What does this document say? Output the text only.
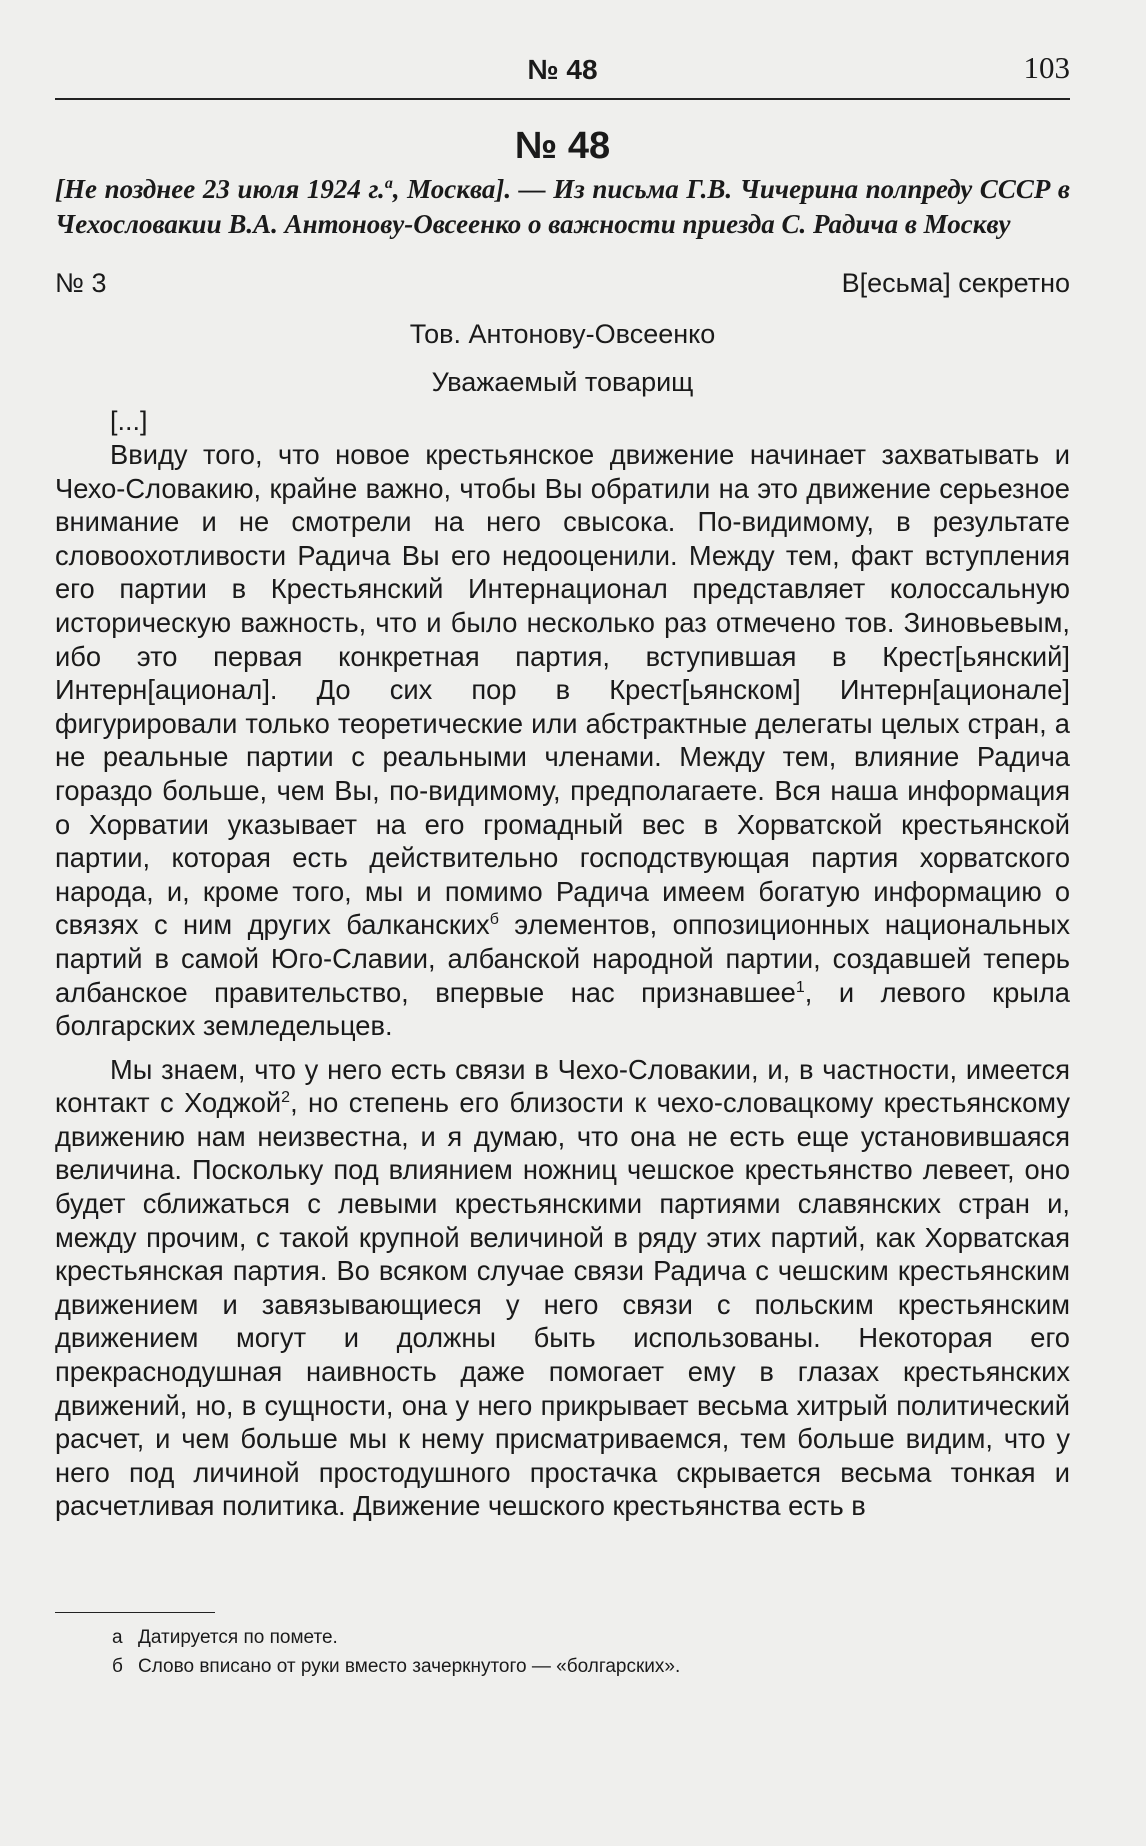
№ 48	103
№ 48
[Не позднее 23 июля 1924 г.$^a$, Москва]. — Из письма Г.В. Чичерина полпреду СССР в Чехословакии В.А. Антонову-Овсеенко о важности приезда С. Радича в Москву
№ 3	В[есьма] секретно
Тов. Антонову-Овсеенко
Уважаемый товарищ
[...]

Ввиду того, что новое крестьянское движение начинает захватывать и Чехо-Словакию, крайне важно, чтобы Вы обратили на это движение серьезное внимание и не смотрели на него свысока. По-видимому, в результате словоохотливости Радича Вы его недооценили. Между тем, факт вступления его партии в Крестьянский Интернационал представляет колоссальную историческую важность, что и было несколько раз отмечено тов. Зиновьевым, ибо это первая конкретная партия, вступившая в Крест[ьянский] Интерн[ационал]. До сих пор в Крест[ьянском] Интерн[ационале] фигурировали только теоретические или абстрактные делегаты целых стран, а не реальные партии с реальными членами. Между тем, влияние Радича гораздо больше, чем Вы, по-видимому, предполагаете. Вся наша информация о Хорватии указывает на его громадный вес в Хорватской крестьянской партии, которая есть действительно господствующая партия хорватского народа, и, кроме того, мы и помимо Радича имеем богатую информацию о связях с ним других балканских$^б$ элементов, оппозиционных национальных партий в самой Юго-Славии, албанской народной партии, создавшей теперь албанское правительство, впервые нас признавшее$^1$, и левого крыла болгарских земледельцев.

Мы знаем, что у него есть связи в Чехо-Словакии, и, в частности, имеется контакт с Ходжой$^2$, но степень его близости к чехо-словацкому крестьянскому движению нам неизвестна, и я думаю, что она не есть еще установившаяся величина. Поскольку под влиянием ножниц чешское крестьянство левеет, оно будет сближаться с левыми крестьянскими партиями славянских стран и, между прочим, с такой крупной величиной в ряду этих партий, как Хорватская крестьянская партия. Во всяком случае связи Радича с чешским крестьянским движением и завязывающиеся у него связи с польским крестьянским движением могут и должны быть использованы. Некоторая его прекраснодушная наивность даже помогает ему в глазах крестьянских движений, но, в сущности, она у него прикрывает весьма хитрый политический расчет, и чем больше мы к нему присматриваемся, тем больше видим, что у него под личиной простодушного простачка скрывается весьма тонкая и расчетливая политика. Движение чешского крестьянства есть в

а Датируется по помете.
б Слово вписано от руки вместо зачеркнутого — «болгарских».
